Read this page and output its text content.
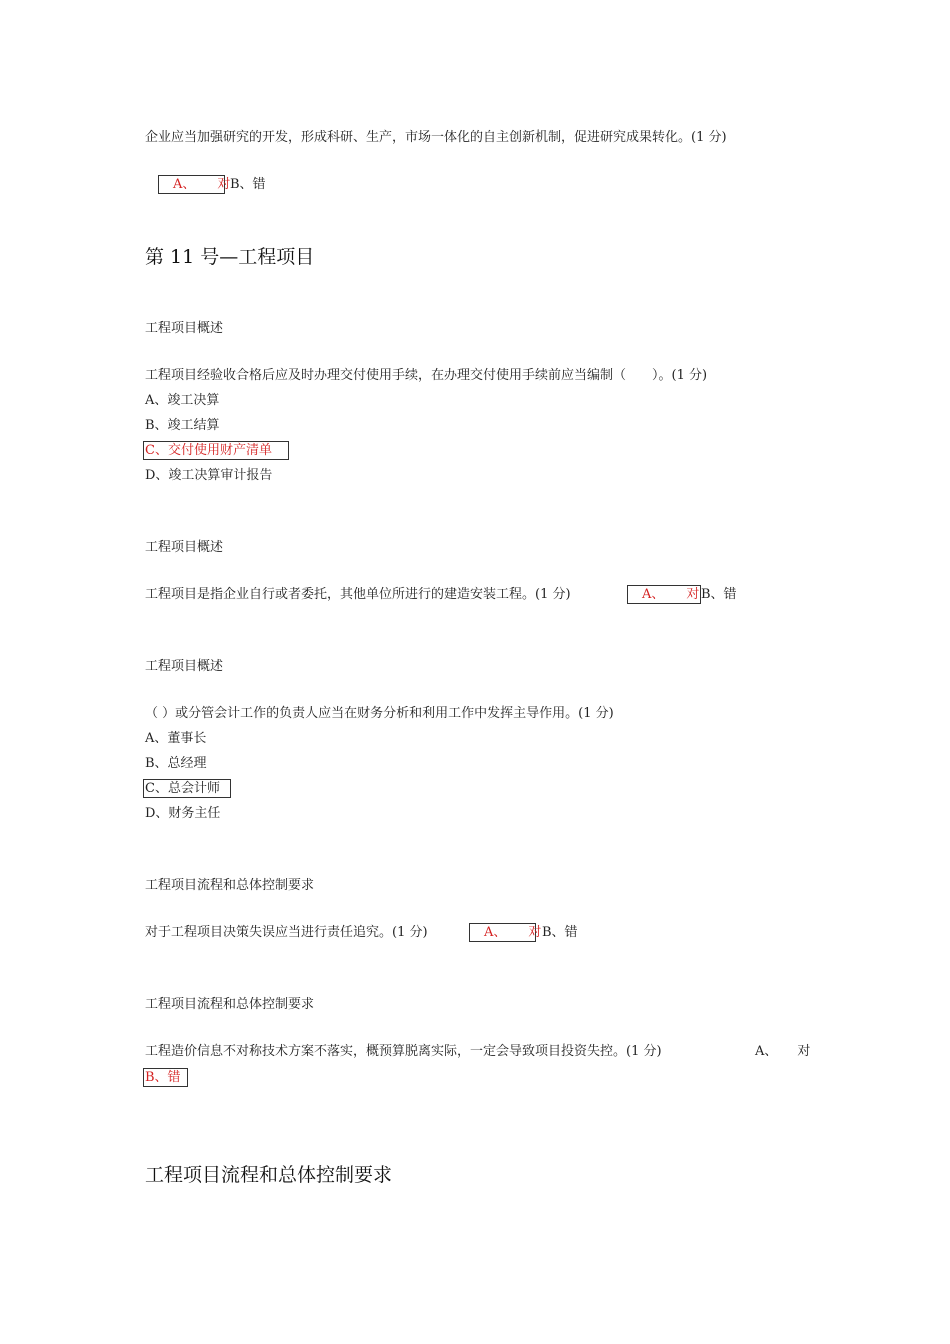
企业应当加强研究的开发，形成科研、生产，市场一体化的自主创新机制，促进研究成果转化。(1 分)
A、 对 B、错
第 11 号—工程项目
工程项目概述
工程项目经验收合格后应及时办理交付使用手续，在办理交付使用手续前应当编制（　　）。(1 分)
A、竣工决算
B、竣工结算
C、交付使用财产清单
D、竣工决算审计报告
工程项目概述
工程项目是指企业自行或者委托，其他单位所进行的建造安装工程。(1 分)	A、 对 B、错
工程项目概述
（ ）或分管会计工作的负责人应当在财务分析和利用工作中发挥主导作用。(1 分)
A、董事长
B、总经理
C、总会计师
D、财务主任
工程项目流程和总体控制要求
对于工程项目决策失误应当进行责任追究。(1 分)	A、 对 B、错
工程项目流程和总体控制要求
工程造价信息不对称技术方案不落实，概预算脱离实际，一定会导致项目投资失控。(1 分)	A、 对
B、错
工程项目流程和总体控制要求
